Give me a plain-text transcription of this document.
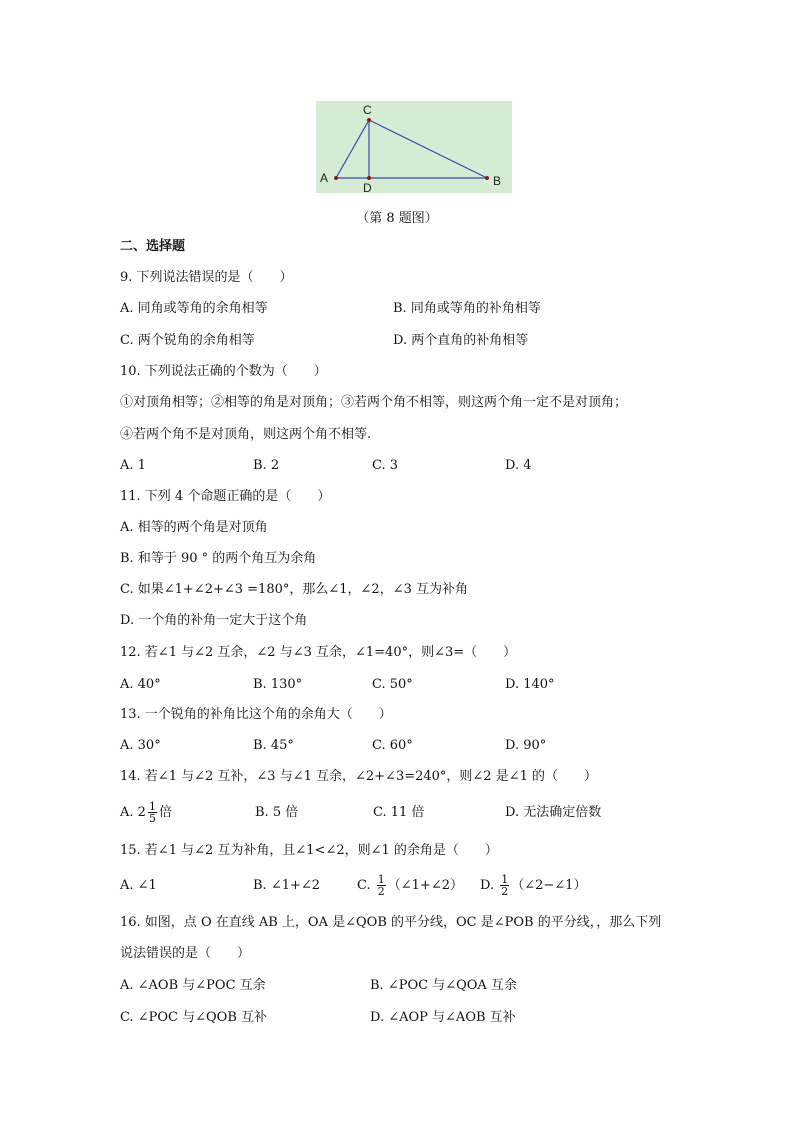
A	B
C
D
（第 8 题图）
二、选择题
9. 下列说法错误的是（　　）
A. 同角或等角的余角相等	B. 同角或等角的补角相等
C. 两个锐角的余角相等	D. 两个直角的补角相等
10. 下列说法正确的个数为（　　）
①对顶角相等；②相等的角是对顶角；③若两个角不相等，则这两个角一定不是对顶角；
④若两个角不是对顶角，则这两个角不相等.
A. 1	B. 2	C. 3	D. 4
11. 下列 4 个命题正确的是（　　）
A. 相等的两个角是对顶角
B. 和等于 90 ° 的两个角互为余角
C. 如果∠1+∠2+∠3 =180°，那么∠1，∠2，∠3 互为补角
D. 一个角的补角一定大于这个角
12. 若∠1 与∠2 互余，∠2 与∠3 互余，∠1=40°，则∠3=（　　）
A. 40°	B. 130°	C. 50°	D. 140°
13. 一个锐角的补角比这个角的余角大（　　）
A. 30°	B. 45°	C. 60°	D. 90°
14. 若∠1 与∠2 互补，∠3 与∠1 互余，∠2+∠3=240°，则∠2 是∠1 的（　　）
A. $2 \frac{1}{5}$ 倍	B. 5 倍	C. 11 倍	D. 无法确定倍数
15. 若∠1 与∠2 互为补角，且∠1<∠2，则∠1 的余角是（　　）
A. ∠1	B. ∠1+∠2	C. $\frac{1}{2}$ （∠1+∠2） D. $\frac{1}{2}$ （∠2−∠1）
16. 如图，点 O 在直线 AB 上，OA 是∠QOB 的平分线，OC 是∠POB 的平分线，，那么下列
说法错误的是（　　）
A. ∠AOB 与∠POC 互余	B. ∠POC 与∠QOA 互余
C. ∠POC 与∠QOB 互补	D. ∠AOP 与∠AOB 互补
